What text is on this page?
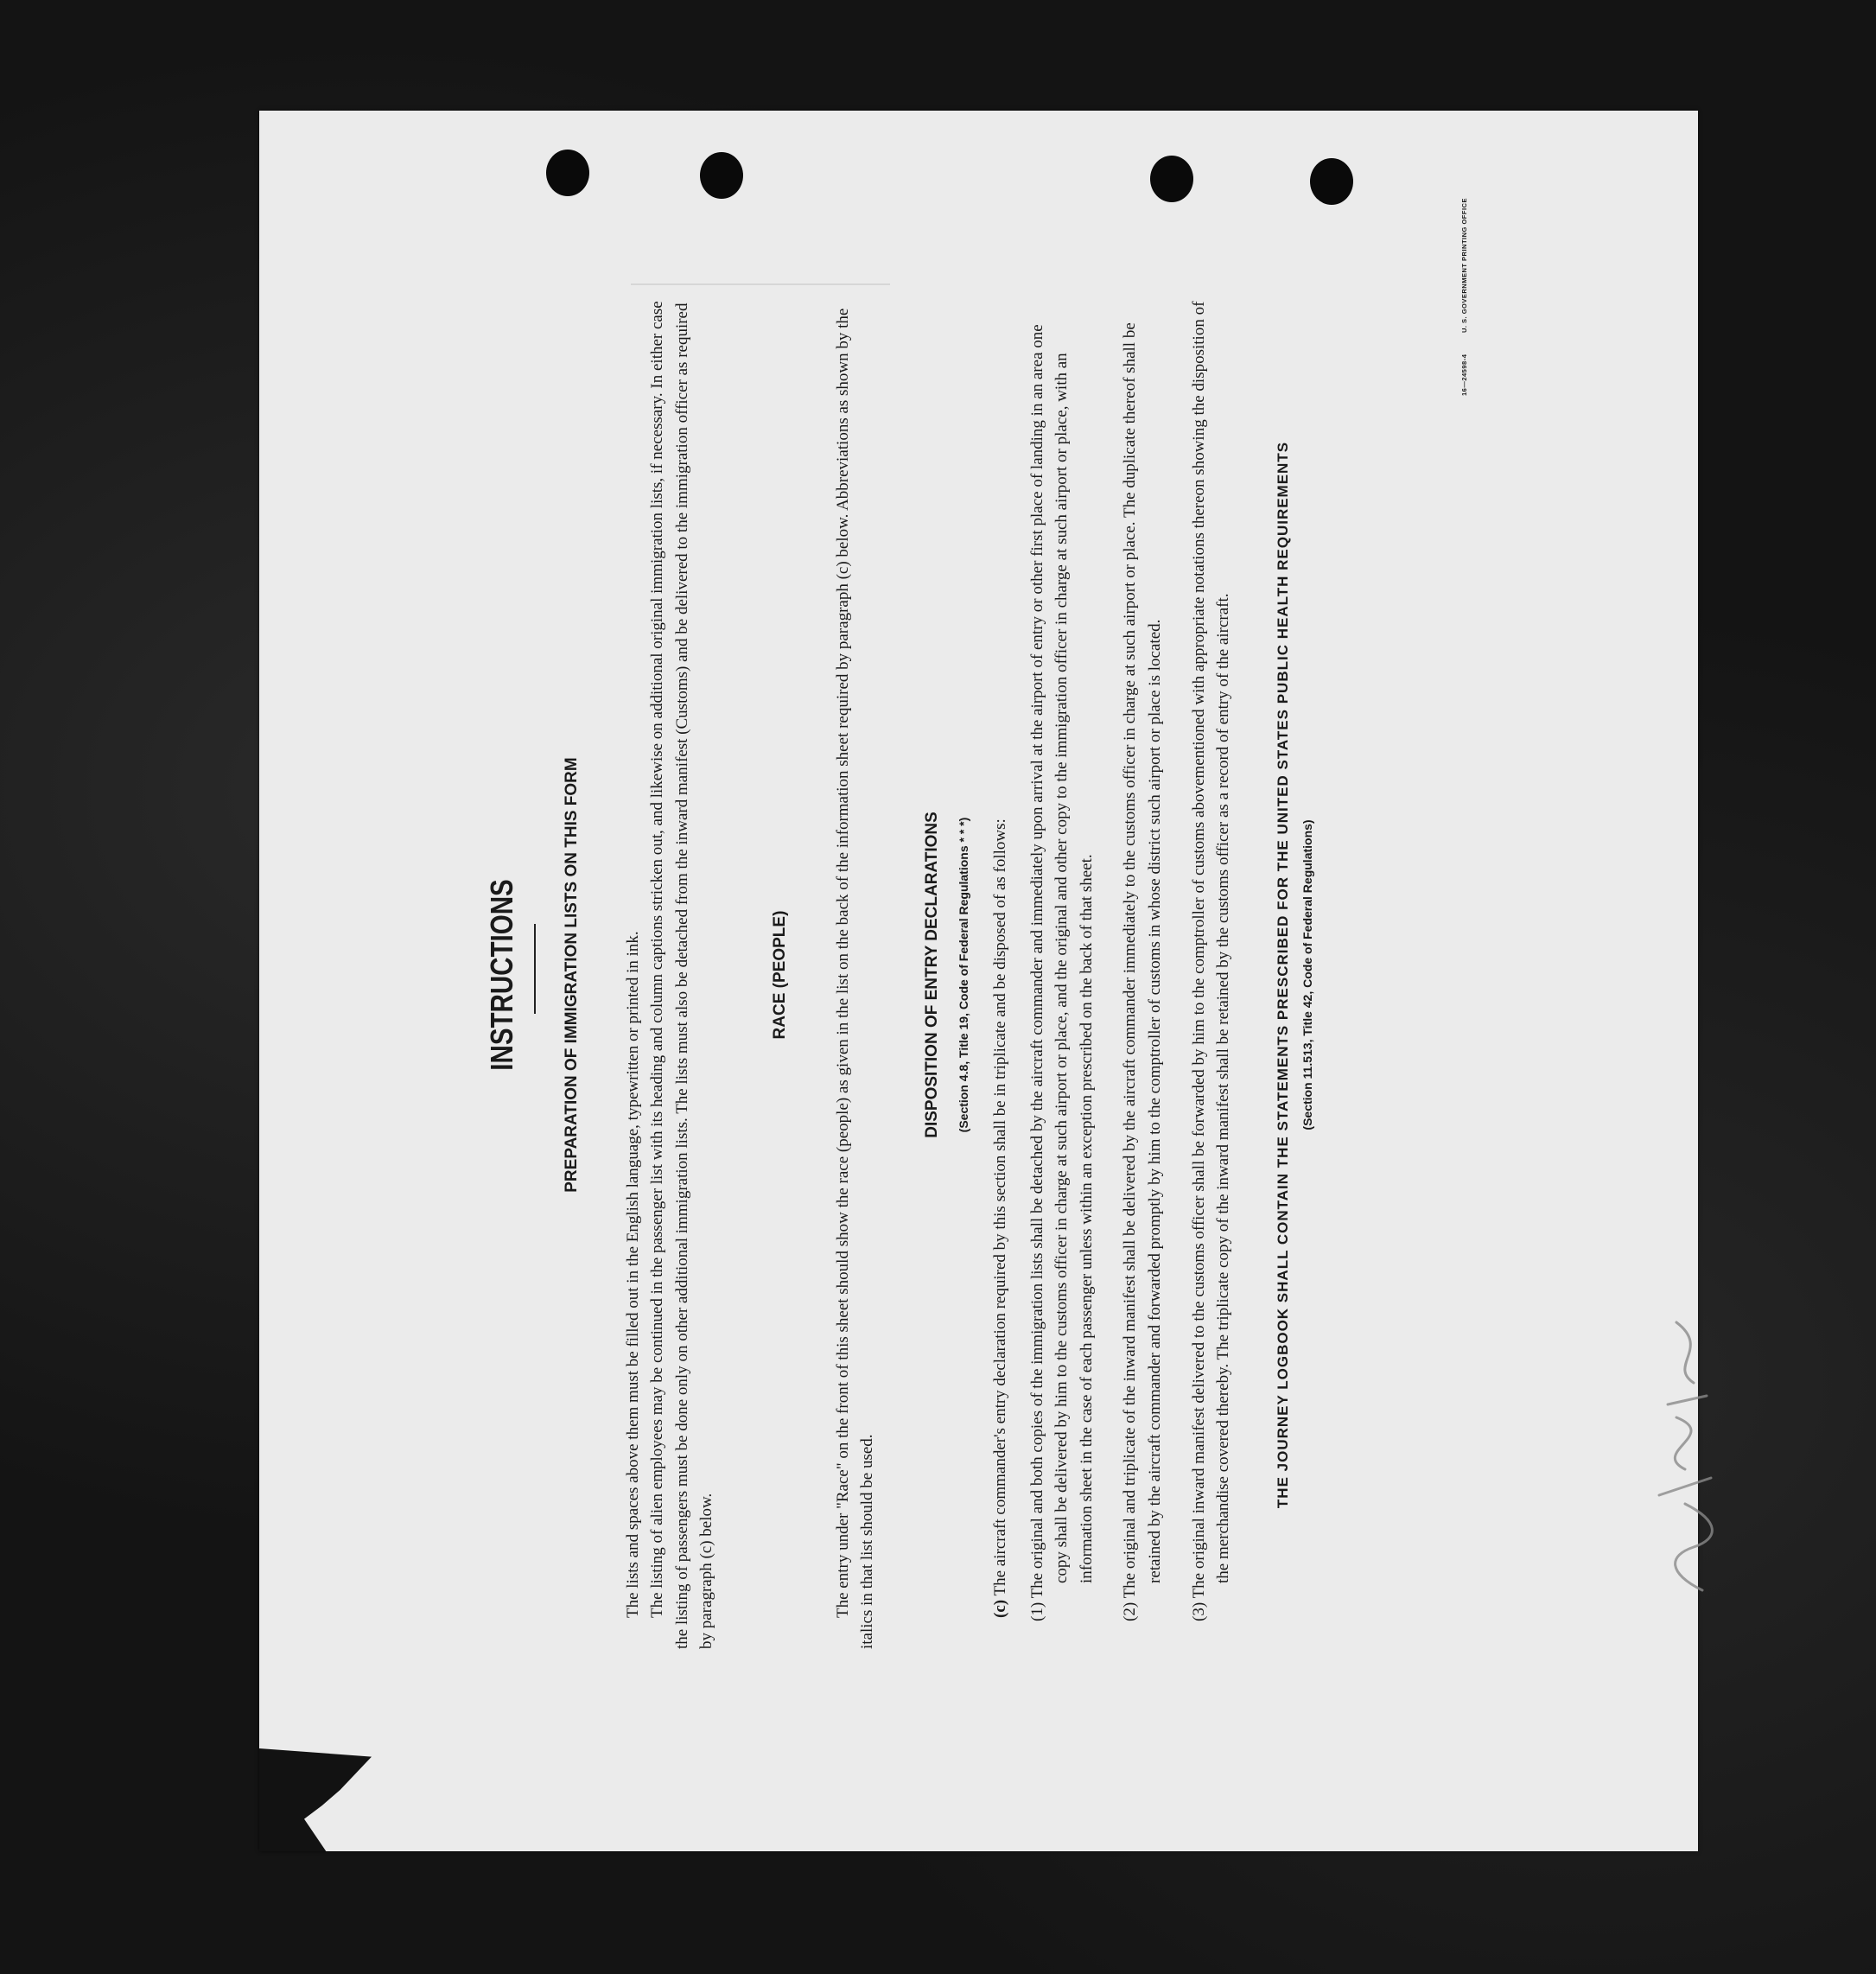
INSTRUCTIONS	PREPARATION OF IMMIGRATION LISTS ON THIS FORM	The lists and spaces above them must be filled out in the English language, typewritten or printed in ink. The listing of alien employees may be continued in the passenger list with its heading and column captions stricken out, and likewise on additional original immigration lists, if necessary. In either case the listing of passengers must be done only on other additional immigration lists. The lists must also be detached from the inward manifest (Customs) and be delivered to the immigration officer as required by paragraph (c) below.

RACE (PEOPLE)	The entry under "Race" on the front of this sheet should show the race (people) as given in the list on the back of the information sheet required by paragraph (c) below. Abbreviations as shown by the italics in that list should be used.

DISPOSITION OF ENTRY DECLARATIONS	(Section 4.8, Title 19, Code of Federal Regulations * * *)

(c) The aircraft commander's entry declaration required by this section shall be in triplicate and be disposed of as follows:

(1) The original and both copies of the immigration lists shall be detached by the aircraft commander and immediately upon arrival at the airport of entry or other first place of landing in an area one copy shall be delivered by him to the customs officer in charge at such airport or place, and the original and other copy to the immigration officer in charge at such airport or place, with an information sheet in the case of each passenger unless within an exception prescribed on the back of that sheet.

(2) The original and triplicate of the inward manifest shall be delivered by the aircraft commander immediately to the customs officer in charge at such airport or place. The duplicate thereof shall be retained by the aircraft commander and forwarded promptly by him to the comptroller of customs in whose district such airport or place is located.

(3) The original inward manifest delivered to the customs officer shall be forwarded by him to the comptroller of customs abovementioned with appropriate notations thereon showing the disposition of the merchandise covered thereby. The triplicate copy of the inward manifest shall be retained by the customs officer as a record of entry of the aircraft.	THE JOURNEY LOGBOOK SHALL CONTAIN THE STATEMENTS PRESCRIBED FOR THE UNITED STATES PUBLIC HEALTH REQUIREMENTS (Section 11.513, Title 42, Code of Federal Regulations)

16—24598-4 U. S. GOVERNMENT PRINTING OFFICE
